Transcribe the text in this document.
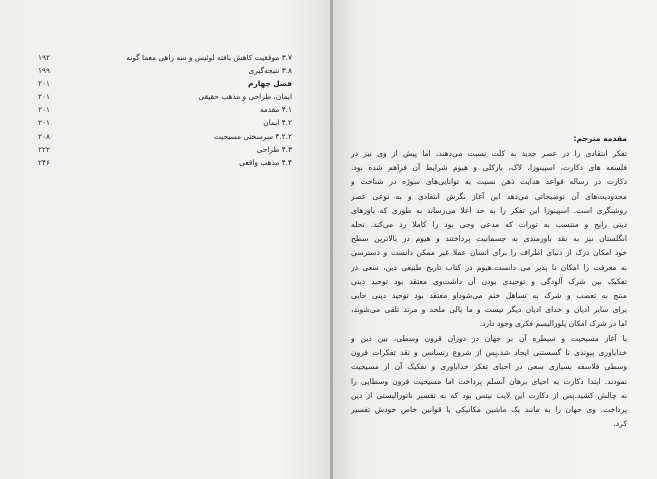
۱۹۲	۳.۷ موفقیت کاهش یافته لوئیس و سه راهی معما گونه
۱۹۹	۳.۸ نتیجه‌گیری
۲۰۱	فصل چهارم
۲۰۱	ایمان، طراحی و مذهب حقیقی
۲۰۱	۴.۱ مقدمه
۲۰۱	۴.۲ ایمان
۲۰۸	۴.۲.۲ سرسختی مسیحیت
۲۲۲	۴.۳ طراحی
۲۴۶	۴.۴ مذهب واقعی
مقدمه مترجم:
تفکر انتقادی را در عصر جدید به کلت نسبت می‌دهند، اما پیش از وی نیز در
فلسفه های دکارت، اسپینوزا، لاک، بارکلی و هیوم شرایط آن فراهم شده بود.
دکارت در رساله قواعد هدایت ذهن نسبت به توانایی‌های سوژه در شناخت و
محدودیت‌های آن توضیحاتی می‌دهد این آغاز نگرش انتقادی و به نوعی عصر
روشنگری است. اسپینوزا این تفکر را به حد اعلا می‌رساند به طوری که باورهای
دینی رایج و منتسب به تورات که مدعی وحی بود را کاملا رد می‌کند. نحله
انگلستان نیز به نقد باورمندی به جسمانیت پرداختند و هیوم در بالاترین سطح
خود امکان درک از دنیای اطراف را برای انسان عملا غیر ممکن دانست و دسترسی
به معرفت را امکان نا پذیر می دانست.هیوم در کتاب تاریخ طبیعی دین، سعی در
تفکیک بین شرک آلودگی و توحیدی بودن آن داشت‌وی معتقد بود توحید دینی
منتج به تعصب و شرک به تساهل ختم می‌شود‌او معتقد بود توحید دینی جایی
برای سایر ادیان و خدای ادیان دیگر نیست و ما بالی ملحد و مرتد تلقی می‌شوند،
اما در شرک امکان پلورالیسم فکری وجود دارد.
با آغاز مسیحیت و سیطره آن بر جهان در دوران قرون وسطی، بین دین و
خداباوری پیوندی نا گسستنی ایجاد شد.پس از شروع رنسانس و نقد تفکرات قرون
وسطی فلاسفه بسیاری سعی در احیای تفکر خداباوری و تفکیک آن از مسیحیت
نمودند. ابتدا دکارت به احیای برهان آنسلم پرداخت اما مسیحیت قرون وسطایی را
به چالش کشید.پس از دکارت این لایب نیتس بود که به تفسیر ناتورالیستی از دین
پرداخت. وی جهان را به مانند یک ماشین مکانیکی با قوانین خاص خودش تفسیر
کرد.
